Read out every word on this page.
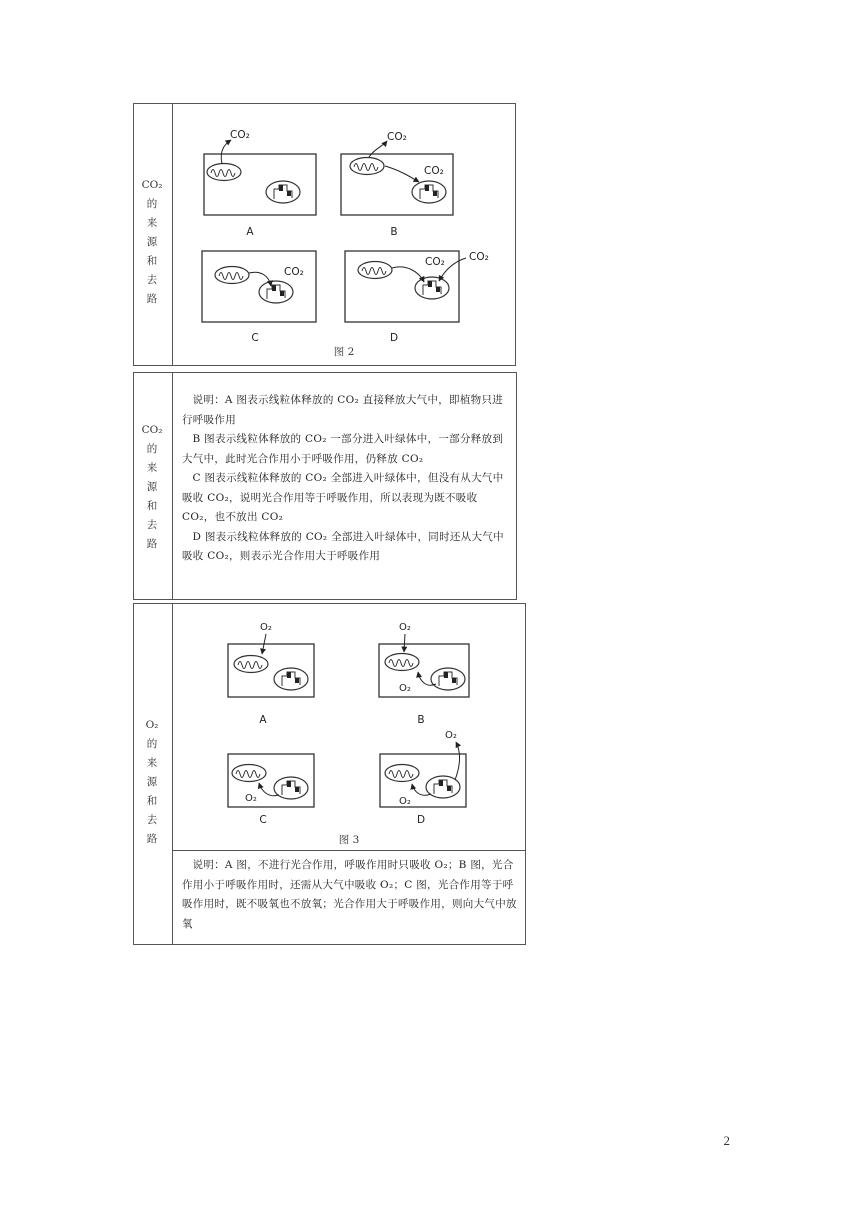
CO₂
的
来
源
和
去
路
CO₂
A
CO₂
CO₂
B
CO₂
C
CO₂ CO₂
D
图 2
CO₂
的
来
源
和
去
路

说明：A 图表示线粒体释放的 CO₂ 直接释放大气中，即植物只进行呼吸作用

B 图表示线粒体释放的 CO₂ 一部分进入叶绿体中，一部分释放到大气中，此时光合作用小于呼吸作用，仍释放 CO₂

C 图表示线粒体释放的 CO₂ 全部进入叶绿体中，但没有从大气中吸收 CO₂，说明光合作用等于呼吸作用，所以表现为既不吸收 CO₂，也不放出 CO₂

D 图表示线粒体释放的 CO₂ 全部进入叶绿体中，同时还从大气中吸收 CO₂，则表示光合作用大于呼吸作用

O₂
的
来
源
和
去
路
O₂
A
O₂
O₂
B
O₂
C
O₂
O₂
D
图 3

说明：A 图，不进行光合作用，呼吸作用时只吸收 O₂；B 图，光合作用小于呼吸作用时，还需从大气中吸收 O₂；C 图，光合作用等于呼吸作用时，既不吸氧也不放氧；光合作用大于呼吸作用，则向大气中放氧

2
